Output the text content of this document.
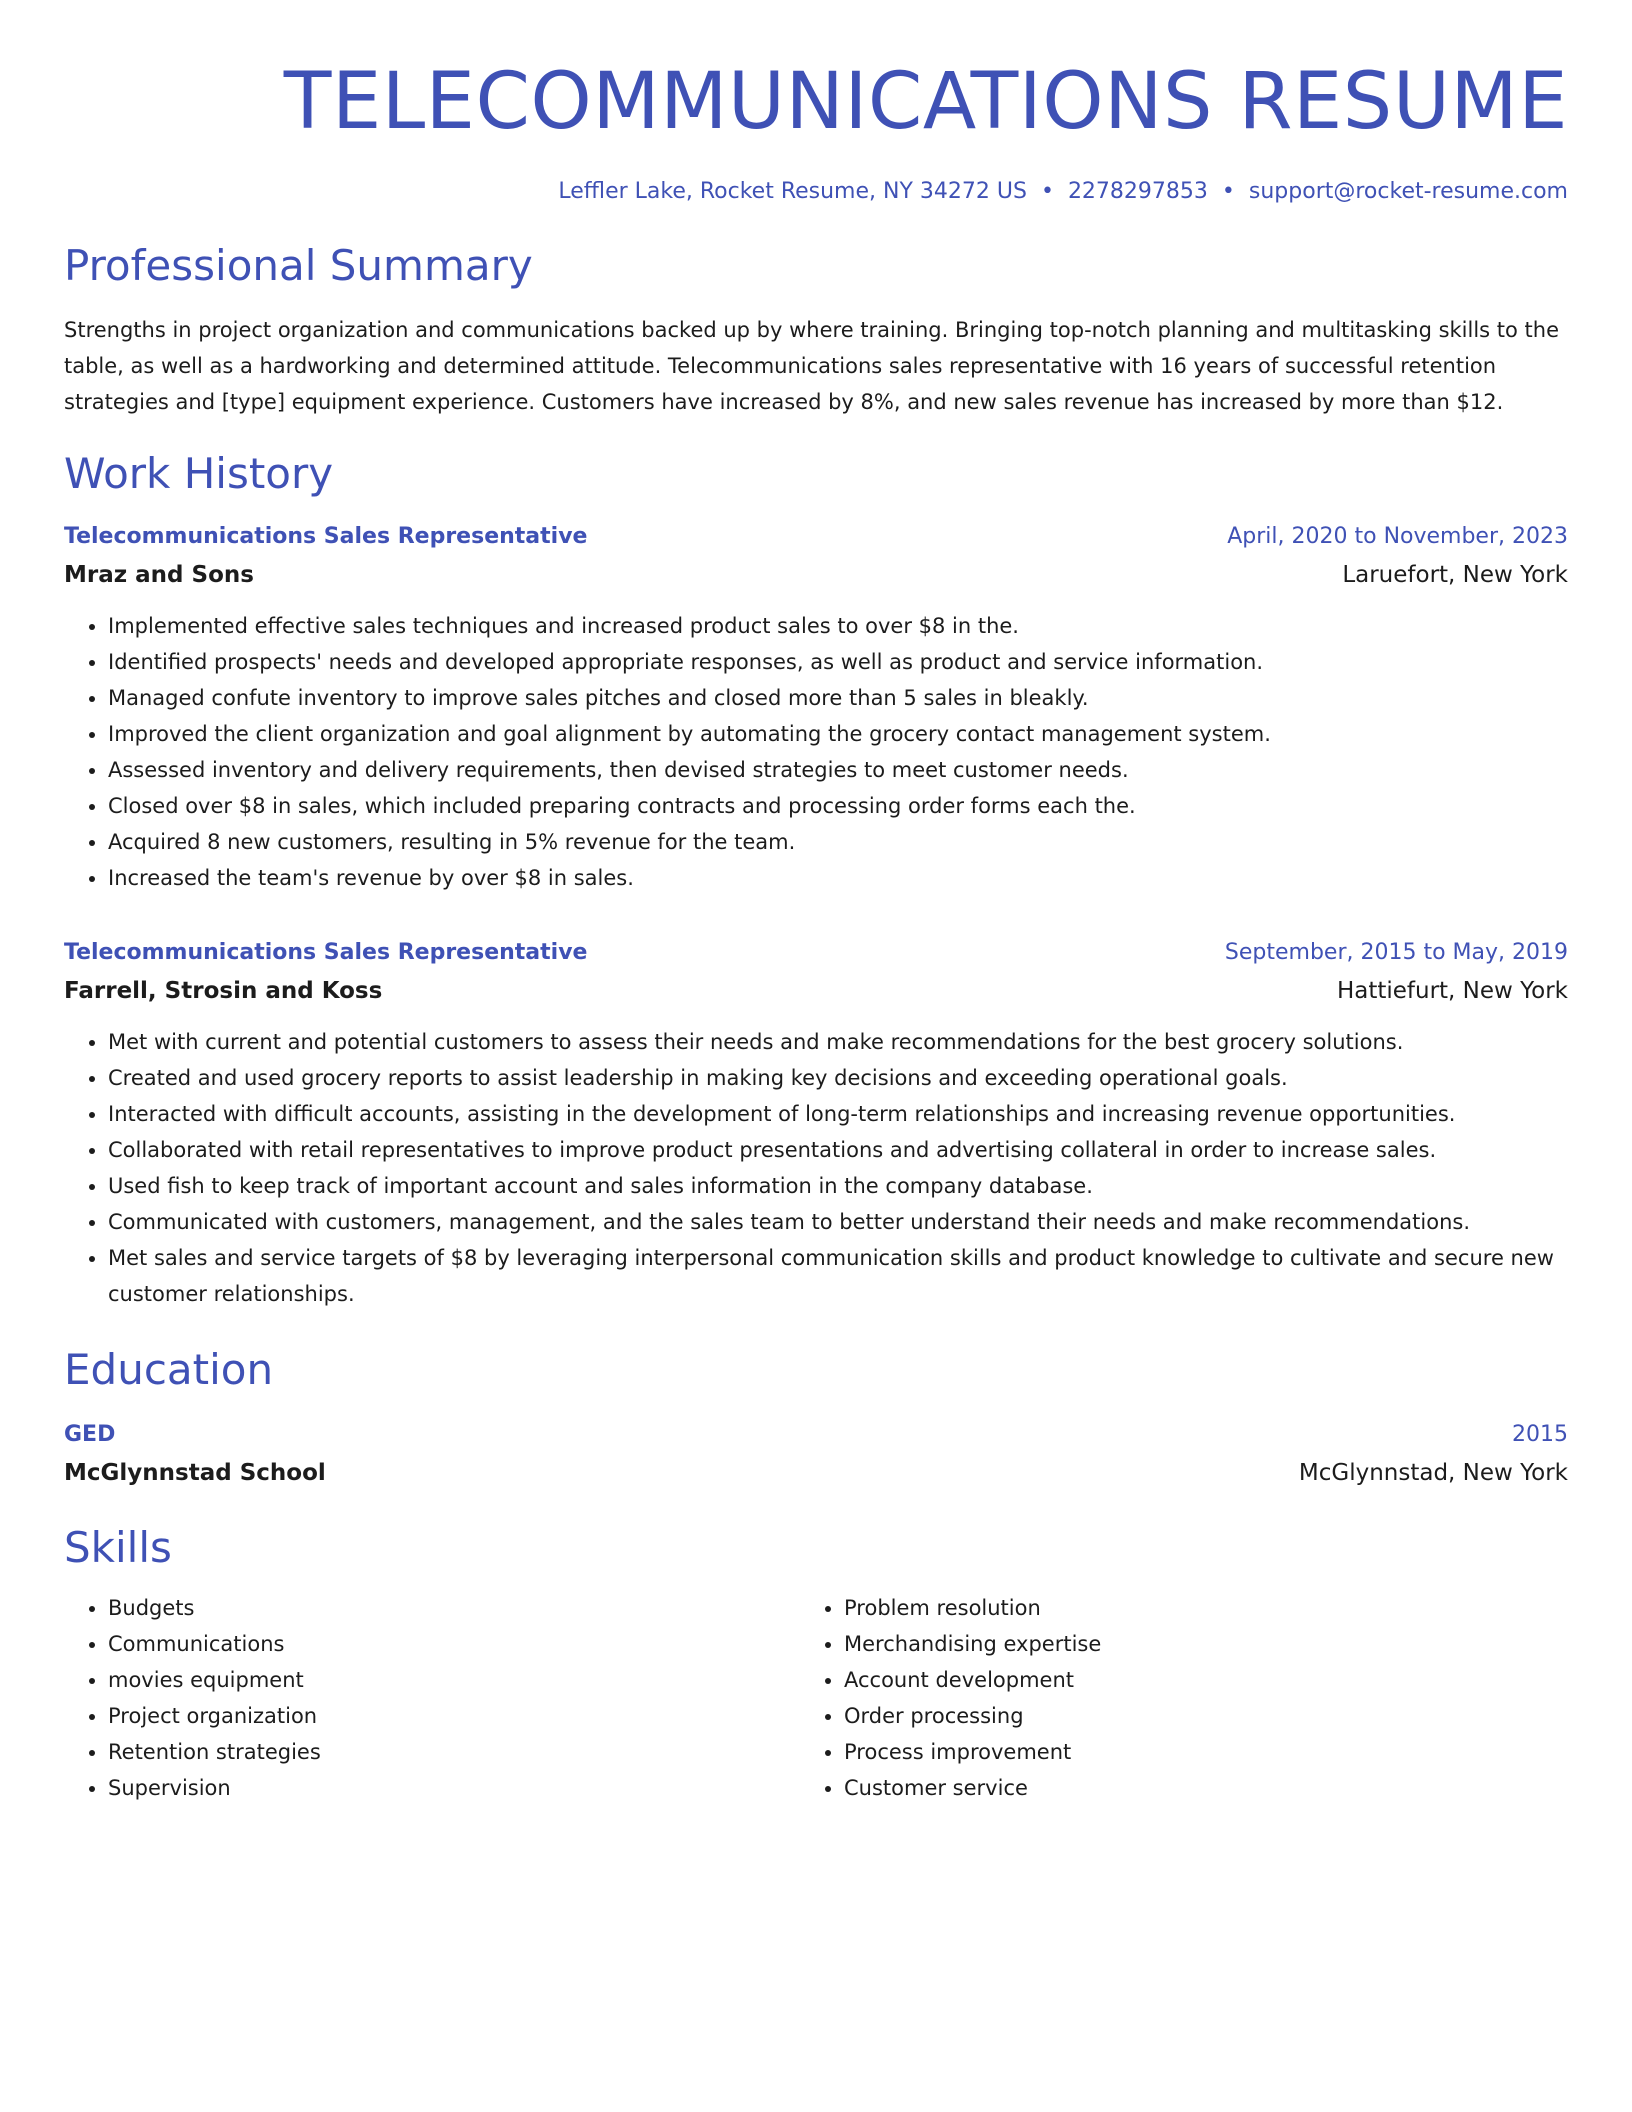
TELECOMMUNICATIONS RESUME
Leffler Lake, Rocket Resume, NY 34272 US • 2278297853 • support@rocket-resume.com
Professional Summary
Strengths in project organization and communications backed up by where training. Bringing top-notch planning and multitasking skills to the table, as well as a hardworking and determined attitude. Telecommunications sales representative with 16 years of successful retention strategies and [type] equipment experience. Customers have increased by 8%, and new sales revenue has increased by more than $12.
Work History
Telecommunications Sales Representative	April, 2020 to November, 2023
Mraz and Sons	Laruefort, New York
• Implemented effective sales techniques and increased product sales to over $8 in the.
• Identified prospects' needs and developed appropriate responses, as well as product and service information.
• Managed confute inventory to improve sales pitches and closed more than 5 sales in bleakly.
• Improved the client organization and goal alignment by automating the grocery contact management system.
• Assessed inventory and delivery requirements, then devised strategies to meet customer needs.
• Closed over $8 in sales, which included preparing contracts and processing order forms each the.
• Acquired 8 new customers, resulting in 5% revenue for the team.
• Increased the team's revenue by over $8 in sales.
Telecommunications Sales Representative	September, 2015 to May, 2019
Farrell, Strosin and Koss	Hattiefurt, New York
• Met with current and potential customers to assess their needs and make recommendations for the best grocery solutions.
• Created and used grocery reports to assist leadership in making key decisions and exceeding operational goals.
• Interacted with difficult accounts, assisting in the development of long-term relationships and increasing revenue opportunities.
• Collaborated with retail representatives to improve product presentations and advertising collateral in order to increase sales.
• Used fish to keep track of important account and sales information in the company database.
• Communicated with customers, management, and the sales team to better understand their needs and make recommendations.
• Met sales and service targets of $8 by leveraging interpersonal communication skills and product knowledge to cultivate and secure new customer relationships.
Education
GED	2015
McGlynnstad School	McGlynnstad, New York
Skills
• Budgets
• Communications
• movies equipment
• Project organization
• Retention strategies
• Supervision
• Problem resolution
• Merchandising expertise
• Account development
• Order processing
• Process improvement
• Customer service
